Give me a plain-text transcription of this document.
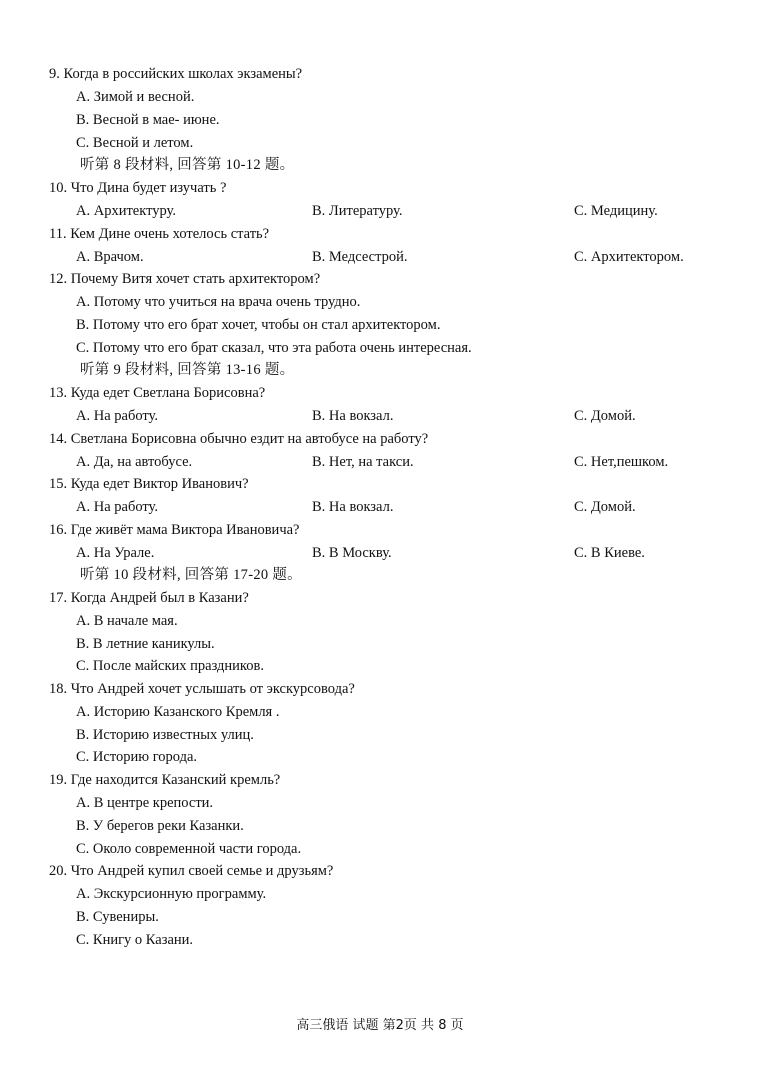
9. Когда в российских школах экзамены?
A. Зимой и весной.
B. Весной в мае- июне.
C. Весной и летом.
听第 8 段材料, 回答第 10-12 题。
10. Что Дина будет изучать ?
A. Архитектуру.	B. Литературу.	C. Медицину.
11. Кем Дине очень хотелось стать?
A. Врачом.	B. Медсестрой.	C. Архитектором.
12. Почему Витя хочет стать архитектором?
A. Потому что учиться на врача очень трудно.
B. Потому что его брат хочет, чтобы он стал архитектором.
C. Потому что его брат сказал, что эта работа очень интересная.
听第 9 段材料, 回答第 13-16 题。
13. Куда едет Светлана Борисовна?
A. На работу.	B. На вокзал.	C. Домой.
14. Светлана Борисовна обычно ездит на автобусе на работу?
A. Да, на автобусе.	B. Нет, на такси.	C. Нет,пешком.
15. Куда едет Виктор Иванович?
A. На работу.	B. На вокзал.	C. Домой.
16. Где живёт мама Виктора Ивановича?
A. На Урале.	B. В Москву.	C. В Киеве.
听第 10 段材料, 回答第 17-20 题。
17. Когда Андрей был в Казани?
A. В начале мая.
B. В летние каникулы.
C. После майских праздников.
18. Что Андрей хочет услышать от экскурсовода?
A. Историю Казанского Кремля .
B. Историю известных улиц.
C. Историю города.
19. Где находится Казанский кремль?
A. В центре крепости.
B. У берегов реки Казанки.
C. Около современной части города.
20. Что Андрей купил своей семье и друзьям?
A. Экскурсионную программу.
B. Сувениры.
C. Книгу о Казани.
高三俄语 试题 第2页 共 8 页
